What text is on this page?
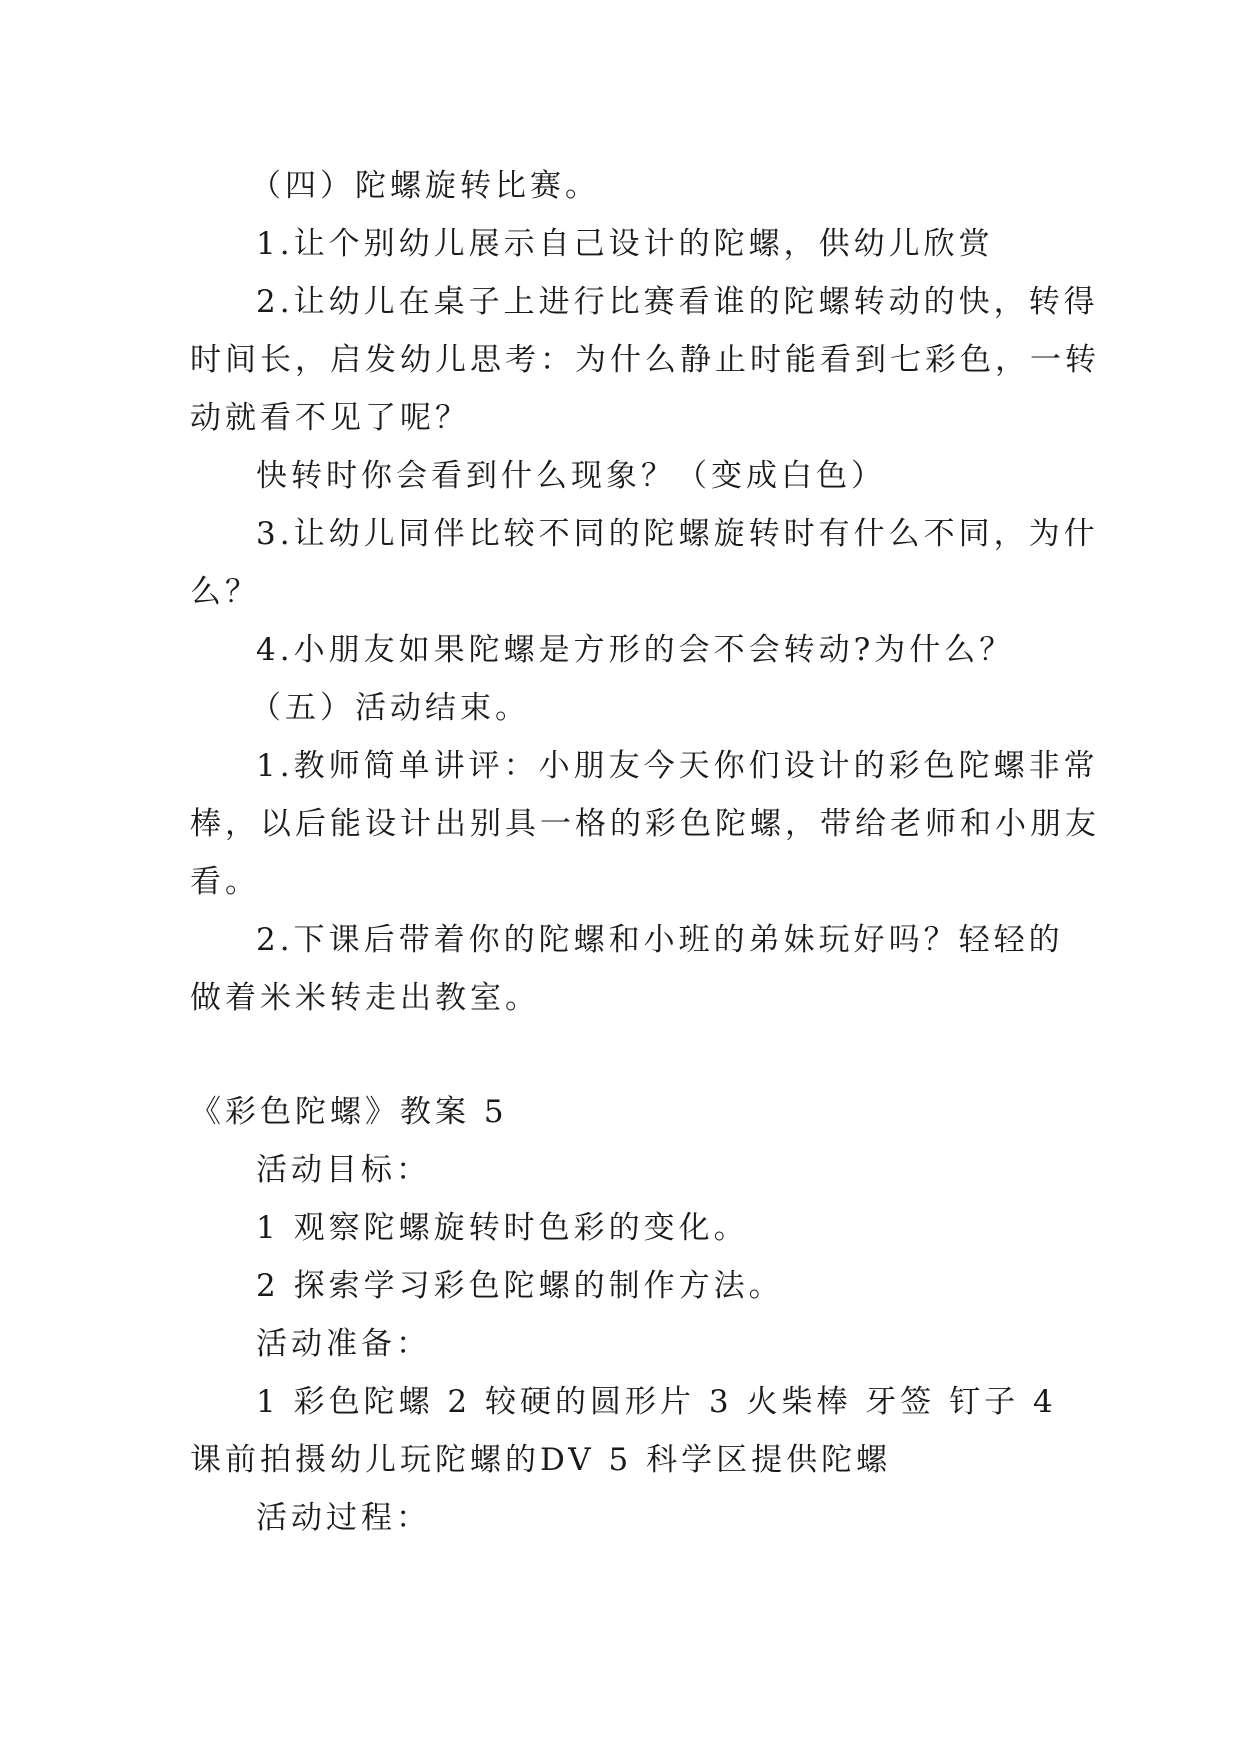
（四）陀螺旋转比赛。
1.让个别幼儿展示自己设计的陀螺，供幼儿欣赏
2.让幼儿在桌子上进行比赛看谁的陀螺转动的快，转得
时间长，启发幼儿思考：为什么静止时能看到七彩色，一转
动就看不见了呢？
快转时你会看到什么现象？（变成白色）
3.让幼儿同伴比较不同的陀螺旋转时有什么不同，为什
么？
4.小朋友如果陀螺是方形的会不会转动?为什么？
（五）活动结束。
1.教师简单讲评：小朋友今天你们设计的彩色陀螺非常
棒，以后能设计出别具一格的彩色陀螺，带给老师和小朋友
看。
2.下课后带着你的陀螺和小班的弟妹玩好吗？轻轻的
做着米米转走出教室。
《彩色陀螺》教案 5
活动目标：
1 观察陀螺旋转时色彩的变化。
2 探索学习彩色陀螺的制作方法。
活动准备：
1 彩色陀螺 2 较硬的圆形片 3 火柴棒 牙签 钉子 4
课前拍摄幼儿玩陀螺的DV 5 科学区提供陀螺
活动过程：
